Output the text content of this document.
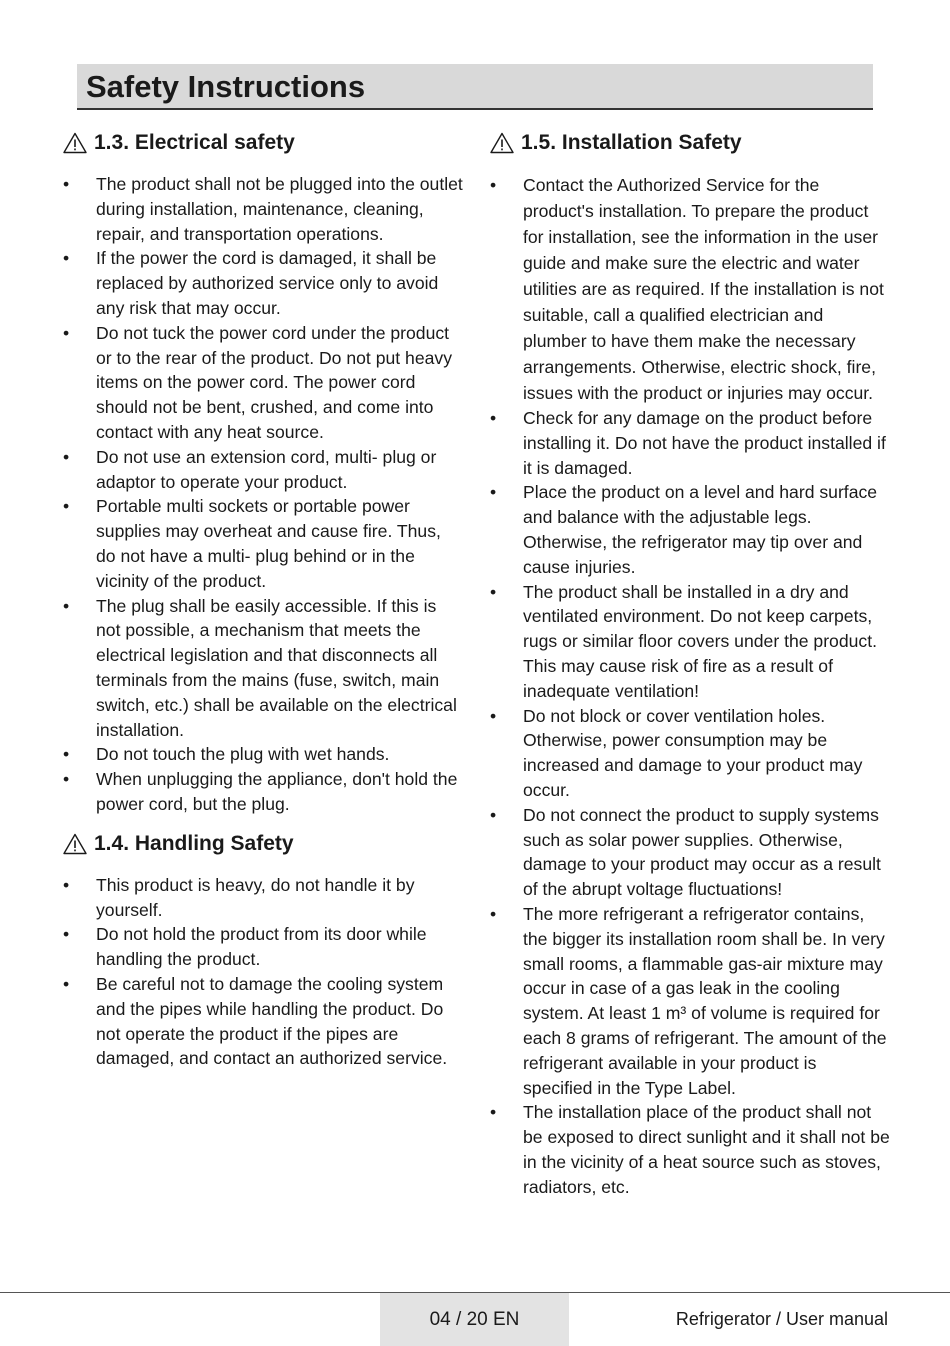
Safety Instructions
1.3. Electrical safety
• The product shall not be plugged into the outlet during installation, maintenance, cleaning, repair, and transportation operations.
• If the power the cord is damaged, it shall be replaced by authorized service only to avoid any risk that may occur.
• Do not tuck the power cord under the product or to the rear of the product. Do not put heavy items on the power cord. The power cord should not be bent, crushed, and come into contact with any heat source.
• Do not use an extension cord, multi- plug or adaptor to operate your product.
• Portable multi sockets or portable power supplies may overheat and cause fire. Thus, do not have a multi- plug behind or in the vicinity of the product.
• The plug shall be easily accessible. If this is not possible, a mechanism that meets the electrical legislation and that disconnects all terminals from the mains (fuse, switch, main switch, etc.) shall be available on the electrical installation.
• Do not touch the plug with wet hands.
• When unplugging the appliance, don't hold the power cord, but the plug.
1.4. Handling Safety
• This product is heavy, do not handle it by yourself.
• Do not hold the product from its door while handling the product.
• Be careful not to damage the cooling system and the pipes while handling the product. Do not operate the product if the pipes are damaged, and contact an authorized service.
1.5. Installation Safety
• Contact the Authorized Service for the product's installation. To prepare the product for installation, see the information in the user guide and make sure the electric and water utilities are as required. If the installation is not suitable, call a qualified electrician and plumber to have them make the necessary arrangements. Otherwise, electric shock, fire, issues with the product or injuries may occur.
• Check for any damage on the product before installing it. Do not have the product installed if it is damaged.
• Place the product on a level and hard surface and balance with the adjustable legs. Otherwise, the refrigerator may tip over and cause injuries.
• The product shall be installed in a dry and ventilated environment. Do not keep carpets, rugs or similar floor covers under the product. This may cause risk of fire as a result of inadequate ventilation!
• Do not block or cover ventilation holes. Otherwise, power consumption may be increased and damage to your product may occur.
• Do not connect the product to supply systems such as solar power supplies. Otherwise, damage to your product may occur as a result of the abrupt voltage fluctuations!
• The more refrigerant a refrigerator contains, the bigger its installation room shall be. In very small rooms, a flammable gas-air mixture may occur in case of a gas leak in the cooling system. At least 1 m³ of volume is required for each 8 grams of refrigerant. The amount of the refrigerant available in your product is specified in the Type Label.
• The installation place of the product shall not be exposed to direct sunlight and it shall not be in the vicinity of a heat source such as stoves, radiators, etc.
04 / 20 EN	Refrigerator / User manual
